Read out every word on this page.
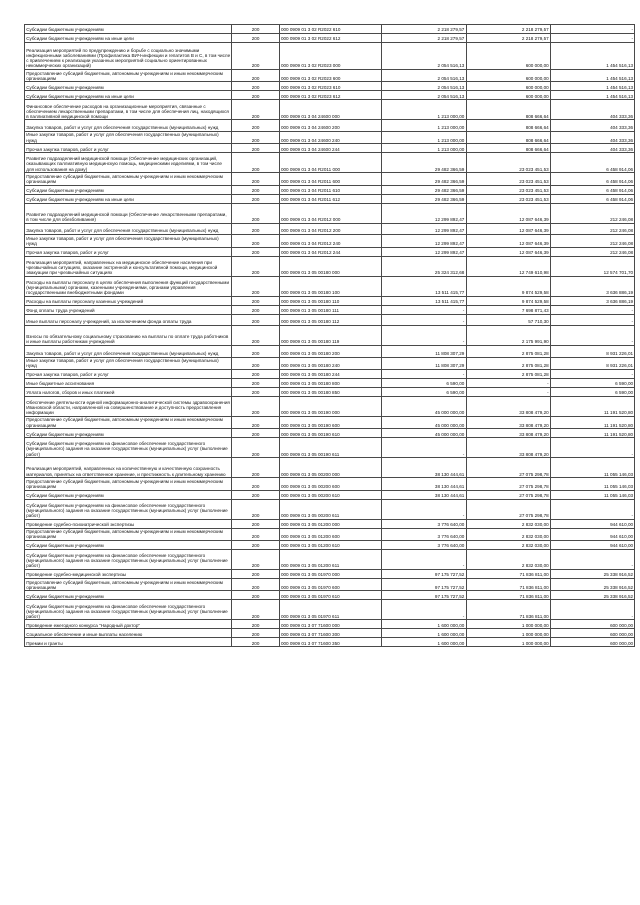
Субсидии бюджетным учреждениям	200	000 0909 01 3 02 R2022 610	2 218 279,57	2 218 279,57	-
Субсидии бюджетным учреждениям на иные цели	200	000 0909 01 3 02 R2022 612	2 218 279,57	2 218 279,57	-
Реализация мероприятий по предупреждению и борьбе с социально значимыми инфекционными заболеваниями (Профилактика ВИЧ-инфекции и гепатитов В и С, в том числе с привлечением к реализации указанных мероприятий социально ориентированных некоммерческих организаций)	200	000 0909 01 3 02 R2023 000	2 054 516,13	600 000,00	1 454 516,13
Предоставление субсидий бюджетным, автономным учреждениям и иным некоммерческим организациям	200	000 0909 01 3 02 R2023 600	2 054 516,13	600 000,00	1 454 516,13
Субсидии бюджетным учреждениям	200	000 0909 01 3 02 R2023 610	2 054 516,13	600 000,00	1 454 516,13
Субсидии бюджетным учреждениям на иные цели	200	000 0909 01 3 02 R2023 612	2 054 516,13	600 000,00	1 454 516,13
Финансовое обеспечение расходов на организационные мероприятия, связанные с обеспечением лекарственными препаратами, в том числе для обеспечения лиц, находящихся в паллиативной медицинской помощи	200	000 0909 01 3 04 24600 000	1 213 000,00	808 666,64	404 333,36
Закупка товаров, работ и услуг для обеспечения государственных (муниципальных) нужд	200	000 0909 01 3 04 24600 200	1 213 000,00	808 666,64	404 333,36
Иные закупки товаров, работ и услуг для обеспечения государственных (муниципальных) нужд	200	000 0909 01 3 04 24600 240	1 213 000,00	808 666,64	404 333,36
Прочая закупка товаров, работ и услуг	200	000 0909 01 3 04 24600 244	1 213 000,00	808 666,64	404 333,36
Развитие подразделений медицинской помощи (Обеспечение медицинских организаций, оказывающих паллиативную медицинскую помощь, медицинскими изделиями, в том числе для использования на дому)	200	000 0909 01 3 04 R2011 000	29 482 366,59	23 023 451,53	6 458 914,06
Предоставление субсидий бюджетным, автономным учреждениям и иным некоммерческим организациям	200	000 0909 01 3 04 R2011 600	29 482 366,59	23 023 451,53	6 458 914,06
Субсидии бюджетным учреждениям	200	000 0909 01 3 04 R2011 610	29 482 366,59	23 023 451,53	6 458 914,06
Субсидии бюджетным учреждениям на иные цели	200	000 0909 01 3 04 R2011 612	29 482 366,59	23 023 451,53	6 458 914,06
Развитие подразделений медицинской помощи (Обеспечение лекарственными препаратами, в том числе для обезболивания)	200	000 0909 01 3 04 R2012 000	12 299 892,47	12 087 646,39	212 246,08
Закупка товаров, работ и услуг для обеспечения государственных (муниципальных) нужд	200	000 0909 01 3 04 R2012 200	12 299 892,47	12 087 646,39	212 246,08
Иные закупки товаров, работ и услуг для обеспечения государственных (муниципальных) нужд	200	000 0909 01 3 04 R2012 240	12 299 892,47	12 087 646,39	212 246,08
Прочая закупка товаров, работ и услуг	200	000 0909 01 3 04 R2012 244	12 299 892,47	12 087 646,39	212 246,08
Реализация мероприятий, направленных на медицинское обеспечение населения при чрезвычайных ситуациях, оказание экстренной и консультативной помощи, медицинской эвакуации при чрезвычайных ситуациях	200	000 0909 01 3 05 00180 000	25 324 312,68	12 749 610,98	12 574 701,70
Расходы на выплаты персоналу в целях обеспечения выполнения функций государственными (муниципальными) органами, казенными учреждениями, органами управления государственными внебюджетными фондами	200	000 0909 01 3 05 00180 100	13 511 415,77	9 874 529,58	3 636 886,19
Расходы на выплаты персоналу казенных учреждений	200	000 0909 01 3 05 00180 110	13 511 415,77	9 874 529,58	3 636 886,19
Фонд оплаты труда учреждений	200	000 0909 01 3 05 00180 111	-	7 698 871,43	-
Иные выплаты персоналу учреждений, за исключением фонда оплаты труда	200	000 0909 01 3 05 00180 112	-	57 710,30	-
Взносы по обязательному социальному страхованию на выплаты по оплате труда работников и иные выплаты работникам учреждений	200	000 0909 01 3 05 00180 119	-	2 175 991,90	-
Закупка товаров, работ и услуг для обеспечения государственных (муниципальных) нужд	200	000 0909 01 3 05 00180 200	11 808 307,29	2 875 081,28	8 931 226,01
Иные закупки товаров, работ и услуг для обеспечения государственных (муниципальных) нужд	200	000 0909 01 3 05 00180 240	11 808 307,29	2 875 081,28	8 931 226,01
Прочая закупка товаров, работ и услуг	200	000 0909 01 3 05 00180 244	-	2 875 081,28	-
Иные бюджетные ассигнования	200	000 0909 01 3 05 00180 800	6 590,00	-	6 590,00
Уплата налогов, сборов и иных платежей	200	000 0909 01 3 05 00180 850	6 590,00	-	6 590,00
Обеспечение деятельности единой информационно-аналитической системы здравоохранения Ивановской области, направленной на совершенствование и доступность предоставления информации	200	000 0909 01 3 05 00190 000	45 000 000,00	33 808 479,20	11 191 520,80
Предоставление субсидий бюджетным, автономным учреждениям и иным некоммерческим организациям	200	000 0909 01 3 05 00190 600	45 000 000,00	33 808 479,20	11 191 520,80
Субсидии бюджетным учреждениям	200	000 0909 01 3 05 00190 610	45 000 000,00	33 808 479,20	11 191 520,80
Субсидии бюджетным учреждениям на финансовое обеспечение государственного (муниципального) задания на оказание государственных (муниципальных) услуг (выполнение работ)	200	000 0909 01 3 05 00190 611	-	33 808 479,20	-
Реализация мероприятий, направленных на количественную и качественную сохранность материалов, принятых на ответственное хранение, и престижность к длительному хранению	200	000 0909 01 3 05 00200 000	38 130 444,61	27 075 298,78	11 055 146,03
Предоставление субсидий бюджетным, автономным учреждениям и иным некоммерческим организациям	200	000 0909 01 3 05 00200 600	38 130 444,61	27 075 298,78	11 055 146,03
Субсидии бюджетным учреждениям	200	000 0909 01 3 05 00200 610	38 130 444,61	27 075 298,78	11 055 146,03
Субсидии бюджетным учреждениям на финансовое обеспечение государственного (муниципального) задания на оказание государственных (муниципальных) услуг (выполнение работ)	200	000 0909 01 3 05 00200 611	-	27 075 298,78	-
Проведение судебно-психиатрической экспертизы	200	000 0909 01 3 05 01200 000	3 776 640,00	2 832 030,00	944 610,00
Предоставление субсидий бюджетным, автономным учреждениям и иным некоммерческим организациям	200	000 0909 01 3 05 01200 600	3 776 640,00	2 832 030,00	944 610,00
Субсидии бюджетным учреждениям	200	000 0909 01 3 05 01200 610	3 776 640,00	2 832 030,00	944 610,00
Субсидии бюджетным учреждениям на финансовое обеспечение государственного (муниципального) задания на оказание государственных (муниципальных) услуг (выполнение работ)	200	000 0909 01 3 05 01200 611	-	2 832 030,00	-
Проведение судебно-медицинской экспертизы	200	000 0909 01 3 05 01970 000	97 175 727,52	71 836 811,00	25 338 916,52
Предоставление субсидий бюджетным, автономным учреждениям и иным некоммерческим организациям	200	000 0909 01 3 05 01970 600	97 175 727,52	71 836 811,00	25 338 916,52
Субсидии бюджетным учреждениям	200	000 0909 01 3 05 01970 610	97 175 727,52	71 836 811,00	25 338 916,52
Субсидии бюджетным учреждениям на финансовое обеспечение государственного (муниципального) задания на оказание государственных (муниципальных) услуг (выполнение работ)	200	000 0909 01 3 05 01970 611	-	71 836 811,00	-
Проведение ежегодного конкурса "Народный доктор"	200	000 0909 01 3 07 71600 000	1 600 000,00	1 000 000,00	600 000,00
Социальное обеспечение и иные выплаты населению	200	000 0909 01 3 07 71600 300	1 600 000,00	1 000 000,00	600 000,00
Премии и гранты	200	000 0909 01 3 07 71600 350	1 600 000,00	1 000 000,00	600 000,00
